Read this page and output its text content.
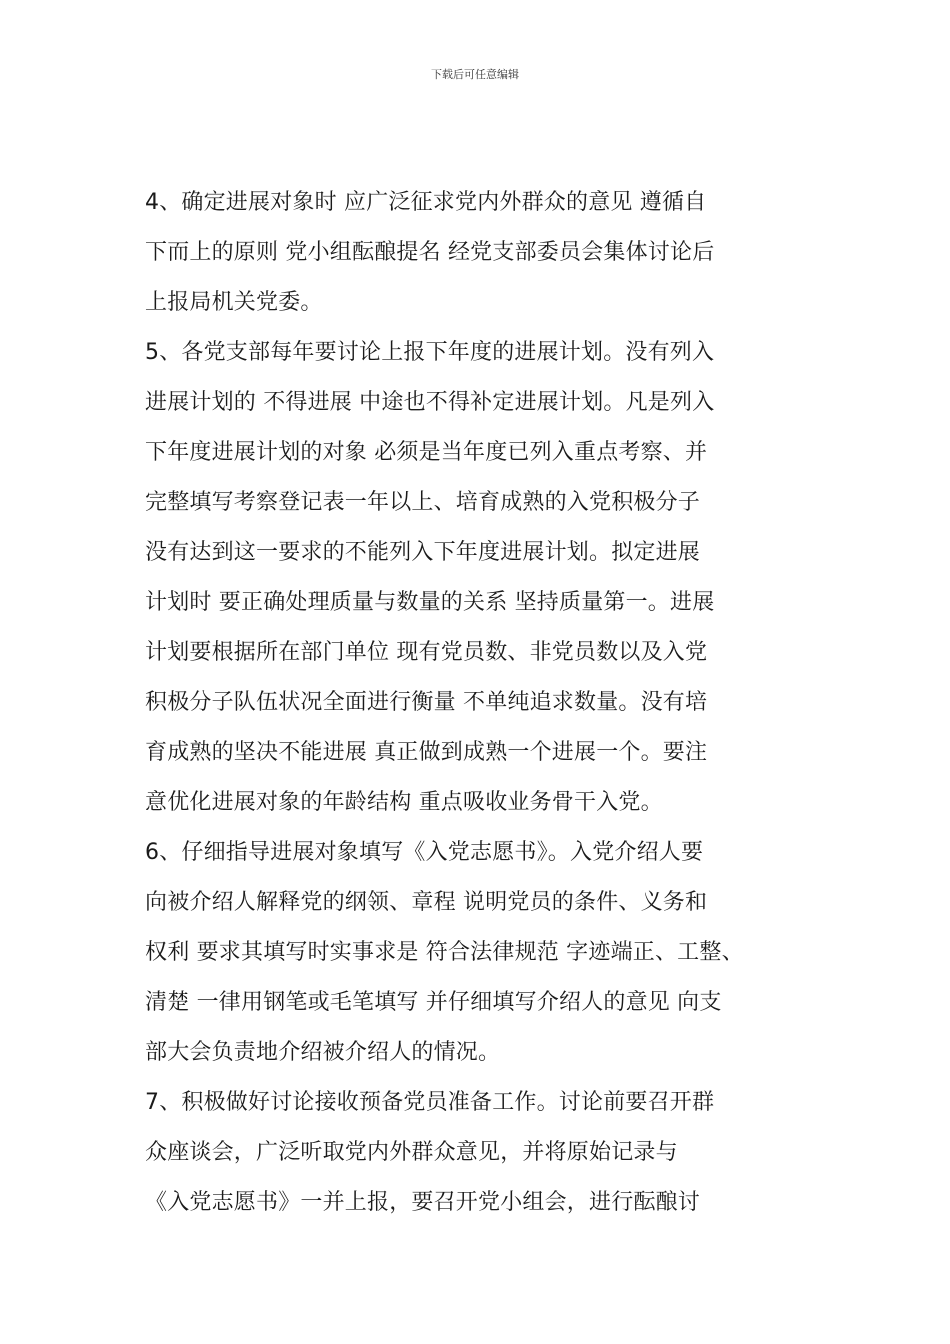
下载后可任意编辑
4、确定进展对象时 应广泛征求党内外群众的意见 遵循自
下而上的原则 党小组酝酿提名 经党支部委员会集体讨论后
上报局机关党委。
5、各党支部每年要讨论上报下年度的进展计划。没有列入
进展计划的 不得进展 中途也不得补定进展计划。凡是列入
下年度进展计划的对象 必须是当年度已列入重点考察、并
完整填写考察登记表一年以上、培育成熟的入党积极分子
没有达到这一要求的不能列入下年度进展计划。拟定进展
计划时 要正确处理质量与数量的关系 坚持质量第一。进展
计划要根据所在部门单位 现有党员数、非党员数以及入党
积极分子队伍状况全面进行衡量 不单纯追求数量。没有培
育成熟的坚决不能进展 真正做到成熟一个进展一个。要注
意优化进展对象的年龄结构 重点吸收业务骨干入党。
6、仔细指导进展对象填写《入党志愿书》。入党介绍人要
向被介绍人解释党的纲领、章程 说明党员的条件、义务和
权利 要求其填写时实事求是 符合法律规范 字迹端正、工整、
清楚 一律用钢笔或毛笔填写 并仔细填写介绍人的意见 向支
部大会负责地介绍被介绍人的情况。
7、积极做好讨论接收预备党员准备工作。讨论前要召开群
众座谈会，广泛听取党内外群众意见，并将原始记录与
《入党志愿书》一并上报，要召开党小组会，进行酝酿讨
